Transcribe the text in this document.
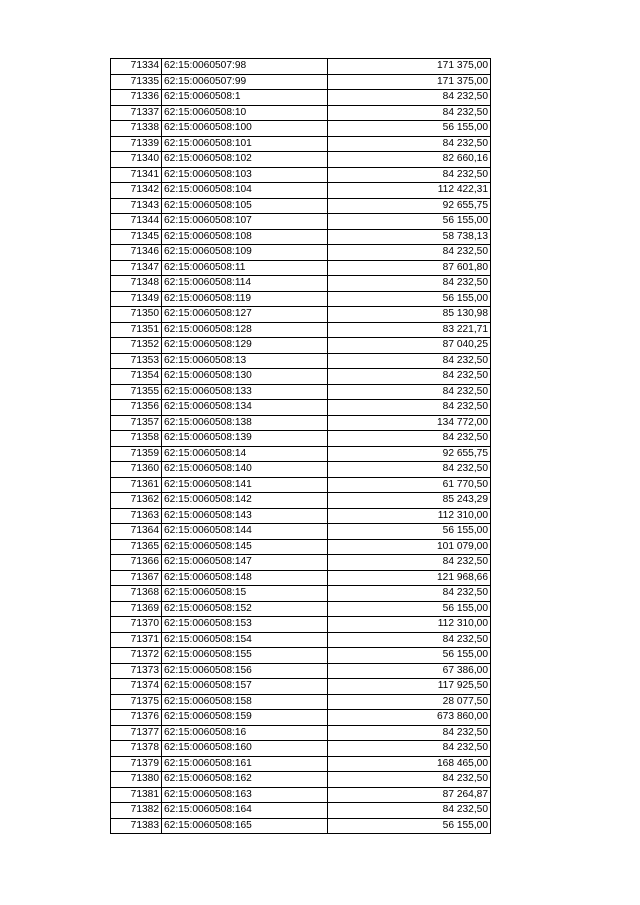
71334	62:15:0060507:98	171 375,00
71335	62:15:0060507:99	171 375,00
71336	62:15:0060508:1	84 232,50
71337	62:15:0060508:10	84 232,50
71338	62:15:0060508:100	56 155,00
71339	62:15:0060508:101	84 232,50
71340	62:15:0060508:102	82 660,16
71341	62:15:0060508:103	84 232,50
71342	62:15:0060508:104	112 422,31
71343	62:15:0060508:105	92 655,75
71344	62:15:0060508:107	56 155,00
71345	62:15:0060508:108	58 738,13
71346	62:15:0060508:109	84 232,50
71347	62:15:0060508:11	87 601,80
71348	62:15:0060508:114	84 232,50
71349	62:15:0060508:119	56 155,00
71350	62:15:0060508:127	85 130,98
71351	62:15:0060508:128	83 221,71
71352	62:15:0060508:129	87 040,25
71353	62:15:0060508:13	84 232,50
71354	62:15:0060508:130	84 232,50
71355	62:15:0060508:133	84 232,50
71356	62:15:0060508:134	84 232,50
71357	62:15:0060508:138	134 772,00
71358	62:15:0060508:139	84 232,50
71359	62:15:0060508:14	92 655,75
71360	62:15:0060508:140	84 232,50
71361	62:15:0060508:141	61 770,50
71362	62:15:0060508:142	85 243,29
71363	62:15:0060508:143	112 310,00
71364	62:15:0060508:144	56 155,00
71365	62:15:0060508:145	101 079,00
71366	62:15:0060508:147	84 232,50
71367	62:15:0060508:148	121 968,66
71368	62:15:0060508:15	84 232,50
71369	62:15:0060508:152	56 155,00
71370	62:15:0060508:153	112 310,00
71371	62:15:0060508:154	84 232,50
71372	62:15:0060508:155	56 155,00
71373	62:15:0060508:156	67 386,00
71374	62:15:0060508:157	117 925,50
71375	62:15:0060508:158	28 077,50
71376	62:15:0060508:159	673 860,00
71377	62:15:0060508:16	84 232,50
71378	62:15:0060508:160	84 232,50
71379	62:15:0060508:161	168 465,00
71380	62:15:0060508:162	84 232,50
71381	62:15:0060508:163	87 264,87
71382	62:15:0060508:164	84 232,50
71383	62:15:0060508:165	56 155,00
